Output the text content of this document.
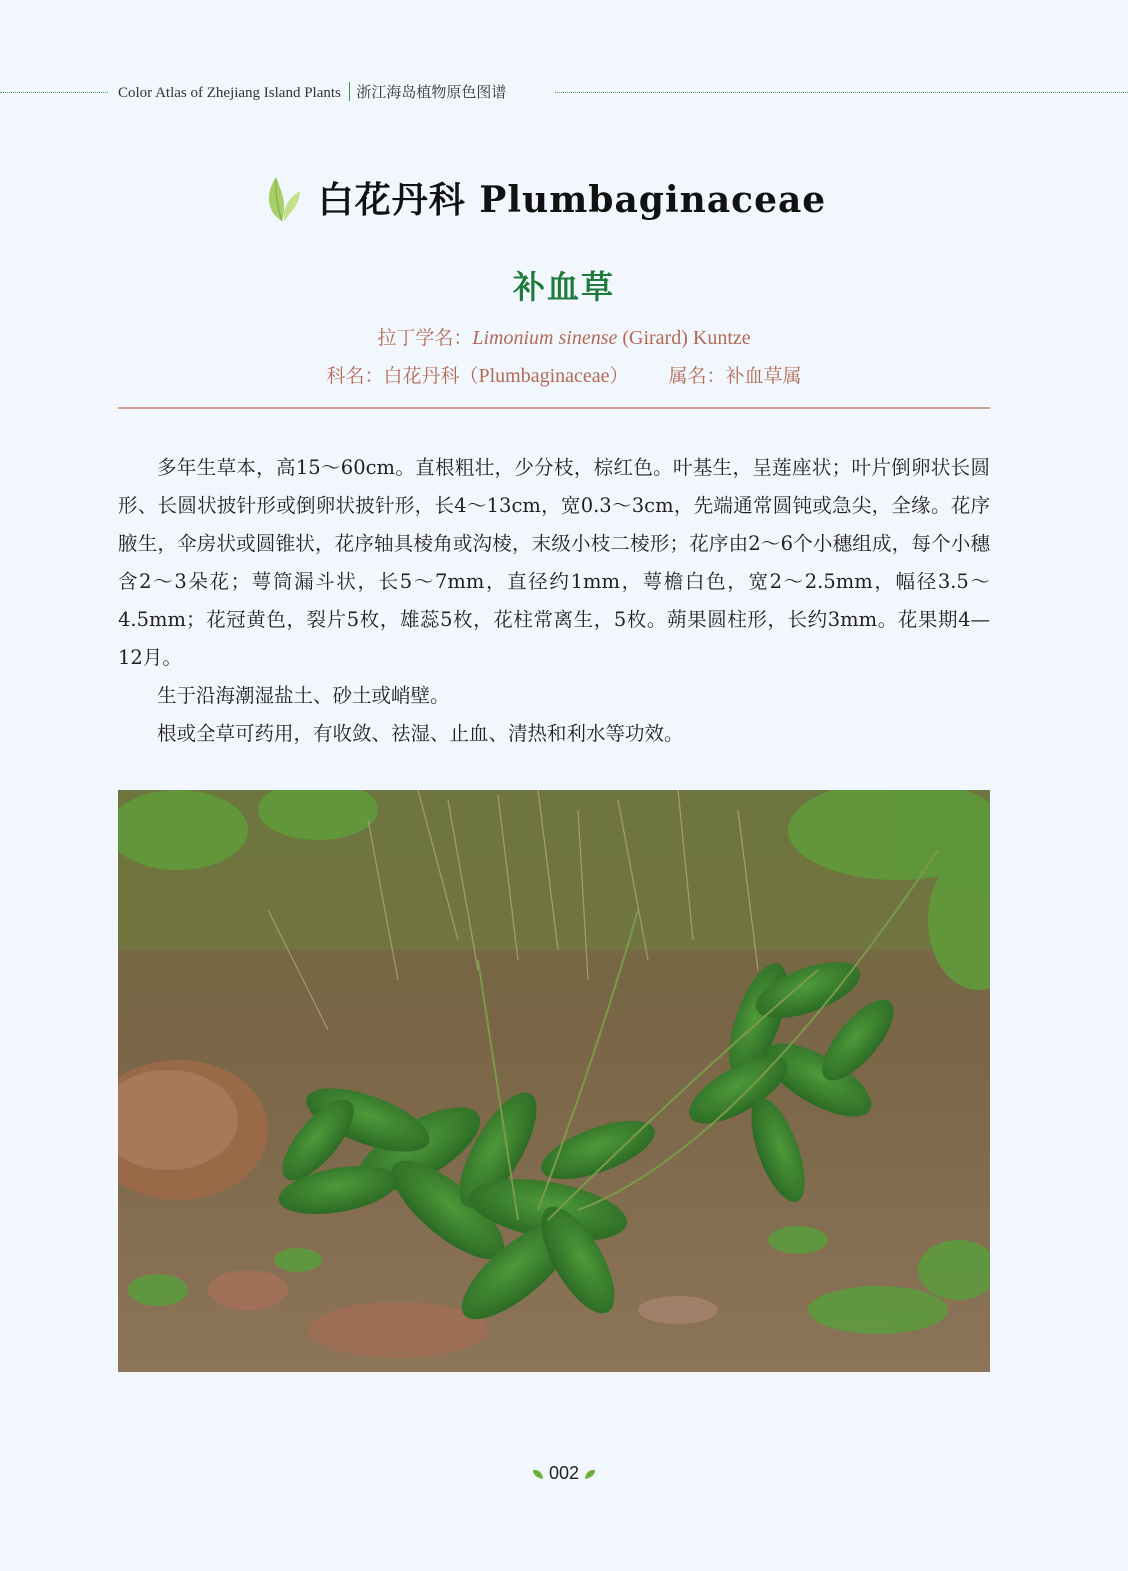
Color Atlas of Zhejiang Island Plants 浙江海岛植物原色图谱
白花丹科 Plumbaginaceae
补血草
拉丁学名：Limonium sinense (Girard) Kuntze
科名：白花丹科（Plumbaginaceae） 属名：补血草属

多年生草本，高15～60cm。直根粗壮，少分枝，棕红色。叶基生，呈莲座状；叶片倒卵状长圆形、长圆状披针形或倒卵状披针形，长4～13cm，宽0.3～3cm，先端通常圆钝或急尖，全缘。花序腋生，伞房状或圆锥状，花序轴具棱角或沟棱，末级小枝二棱形；花序由2～6个小穗组成，每个小穗含2～3朵花；萼筒漏斗状，长5～7mm，直径约1mm，萼檐白色，宽2～2.5mm，幅径3.5～4.5mm；花冠黄色，裂片5枚，雄蕊5枚，花柱常离生，5枚。蒴果圆柱形，长约3mm。花果期4—12月。

生于沿海潮湿盐土、砂土或峭壁。

根或全草可药用，有收敛、祛湿、止血、清热和利水等功效。

002
